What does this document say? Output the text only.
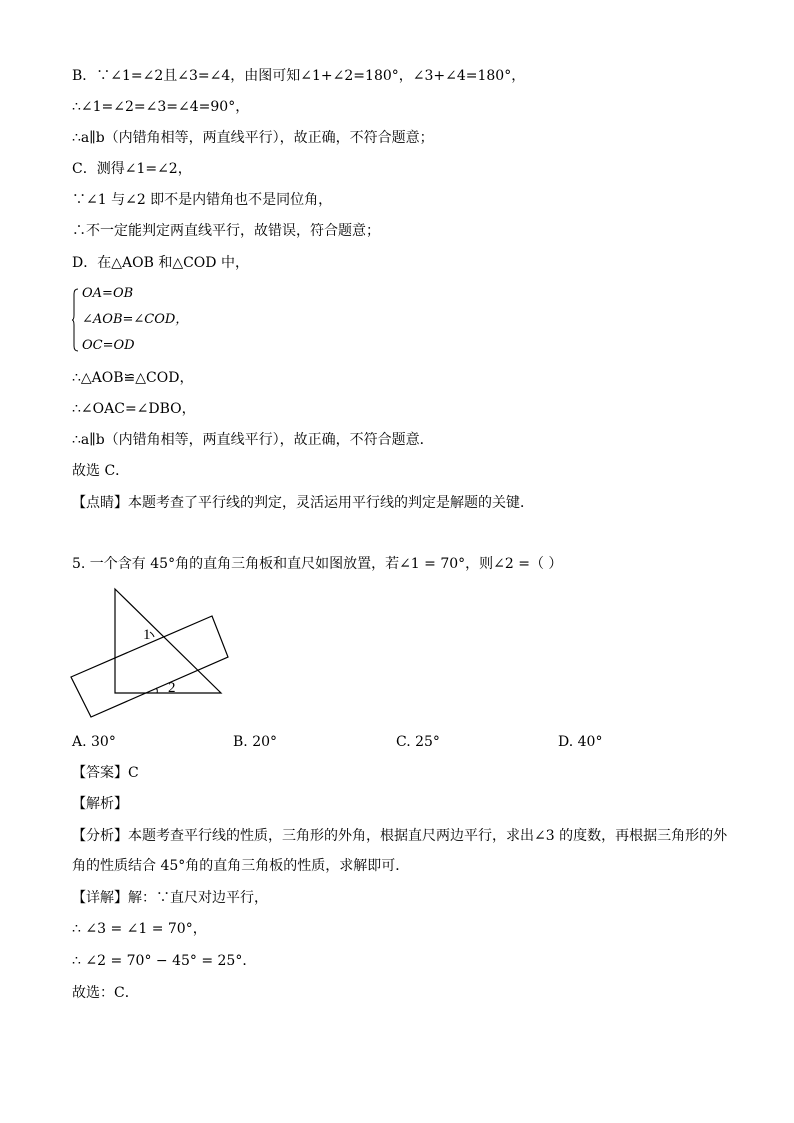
B．∵∠1=∠2且∠3=∠4，由图可知∠1+∠2=180°，∠3+∠4=180°，
∴∠1=∠2=∠3=∠4=90°，
∴a∥b（内错角相等，两直线平行），故正确，不符合题意；
C．测得∠1=∠2，
∵∠1 与∠2 即不是内错角也不是同位角，
∴不一定能判定两直线平行，故错误，符合题意；
D．在△AOB 和△COD 中，
OA=OB
∠AOB=∠COD，
OC=OD
∴△AOB≌△COD，
∴∠OAC=∠DBO，
∴a∥b（内错角相等，两直线平行），故正确，不符合题意．
故选 C．
【点睛】本题考查了平行线的判定，灵活运用平行线的判定是解题的关键．
5. 一个含有 45°角的直角三角板和直尺如图放置，若∠1 = 70°，则∠2 =（ ）
1
2
A. 30°	B. 20°	C. 25°	D. 40°
【答案】C
【解析】
【分析】本题考查平行线的性质，三角形的外角，根据直尺两边平行，求出∠3 的度数，再根据三角形的外角的性质结合 45°角的直角三角板的性质，求解即可．
【详解】解：∵直尺对边平行，
∴ ∠3 = ∠1 = 70°，
∴ ∠2 = 70° − 45° = 25°．
故选：C．
